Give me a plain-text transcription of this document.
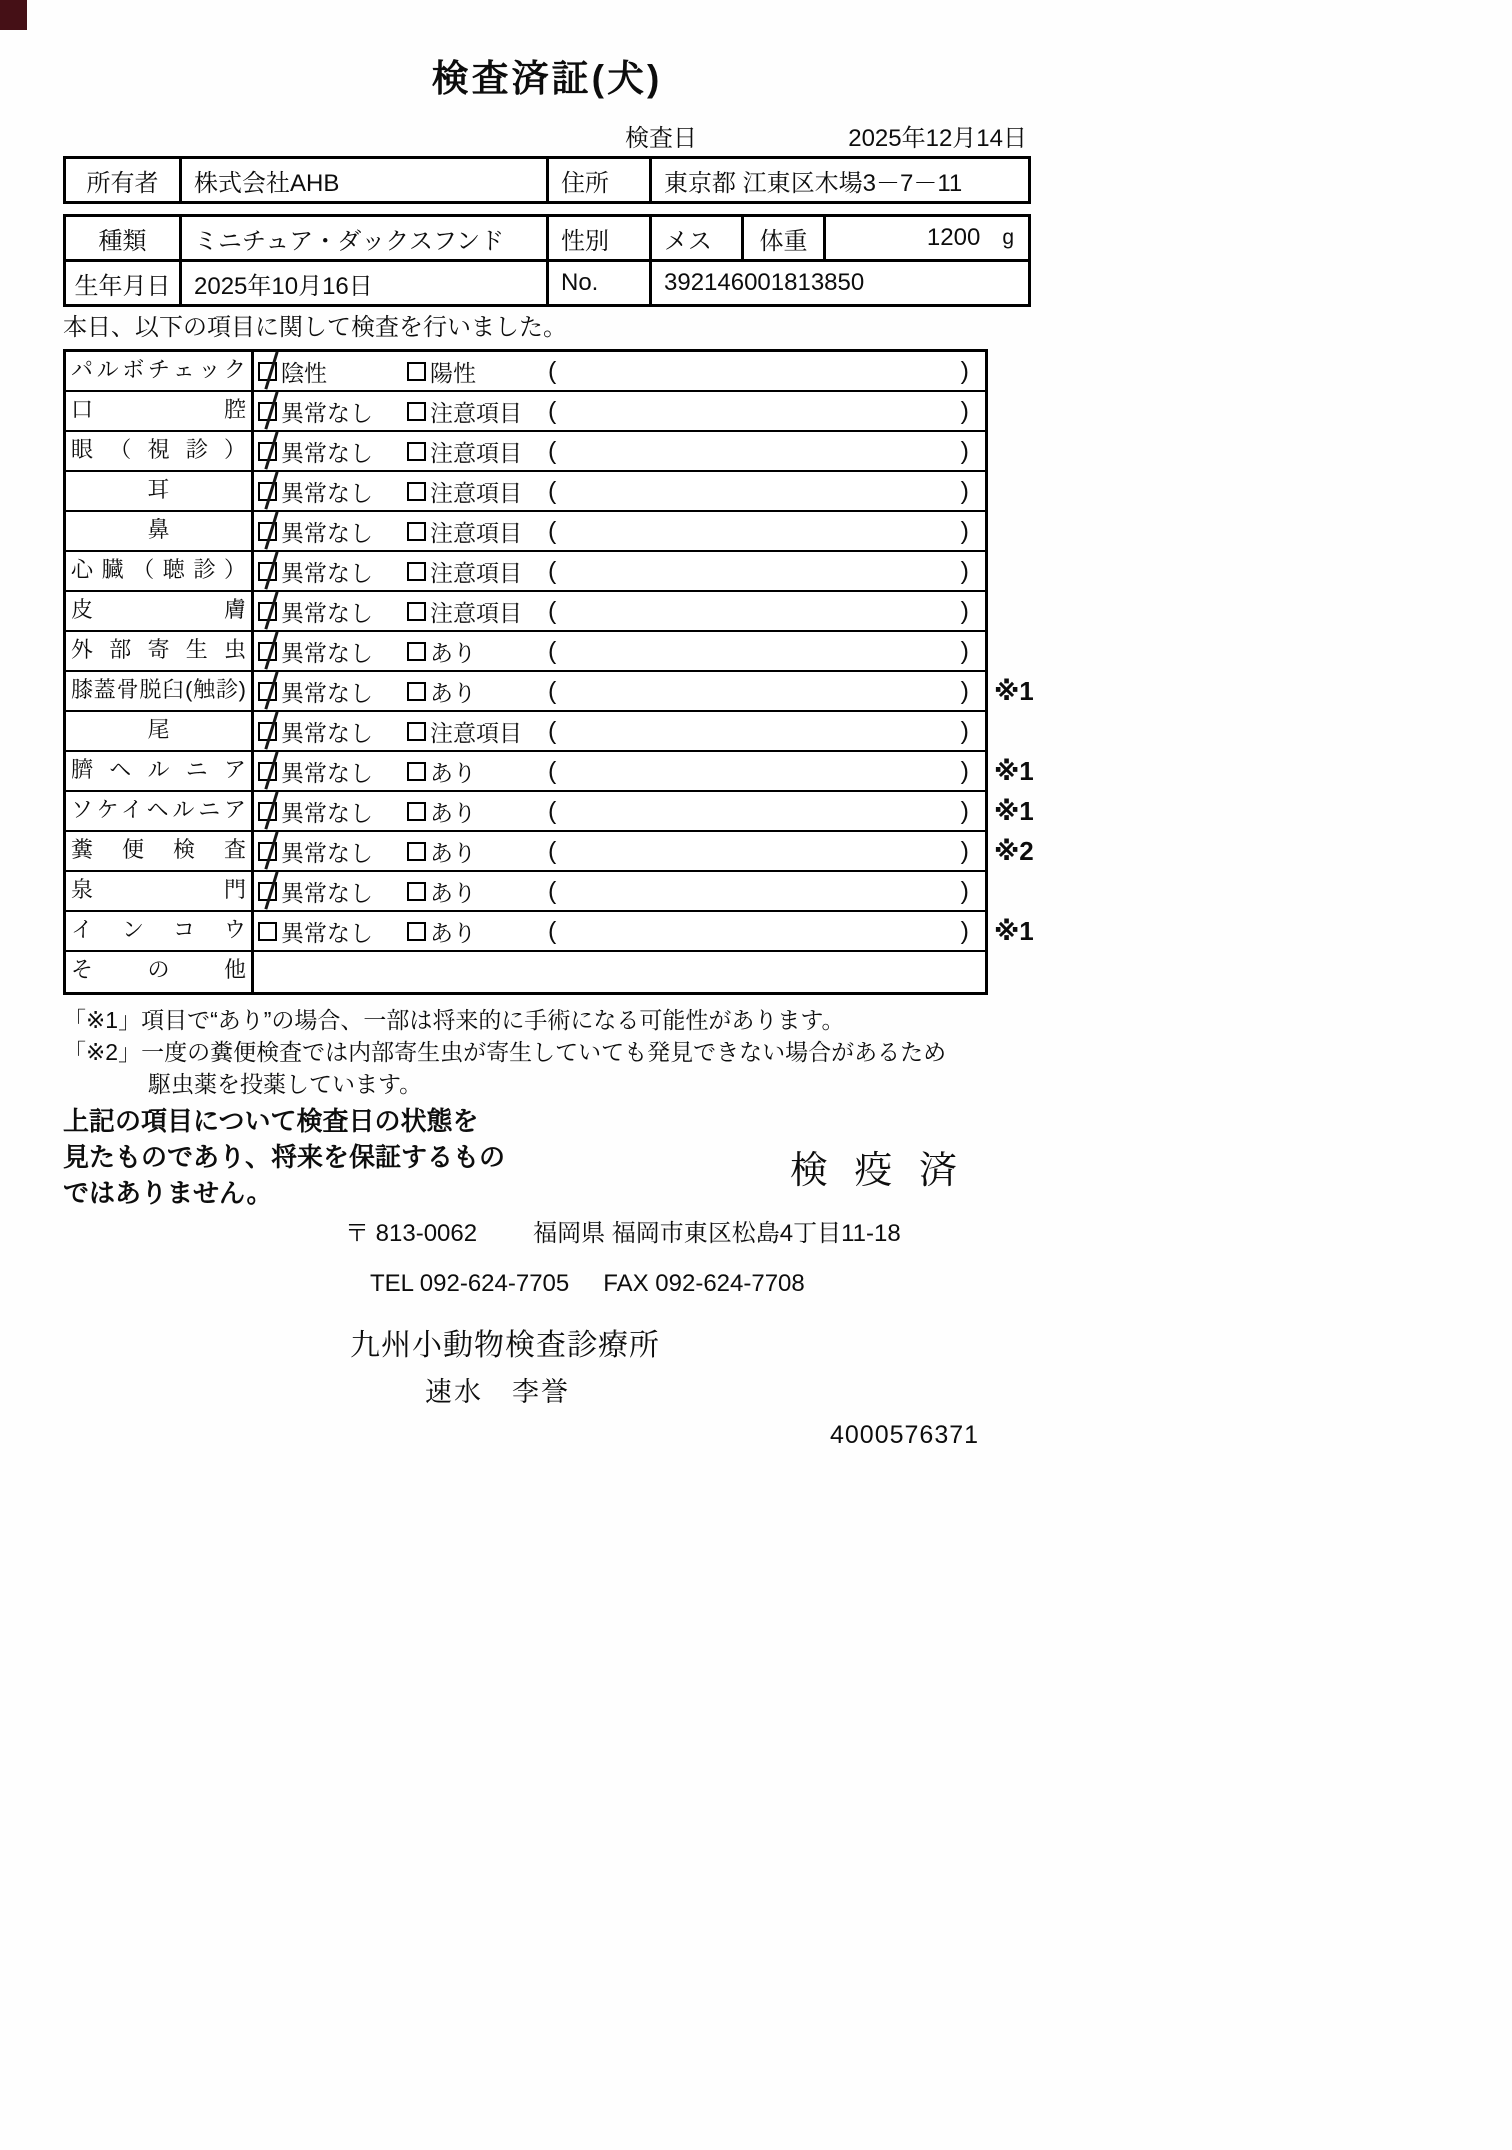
検査済証(犬)
検査日	2025年12月14日
所有者	株式会社AHB	住所	東京都 江東区木場3－7－11
種類	ミニチュア・ダックスフンド	性別	メス	体重	1200 g
生年月日 2025年10月16日	No.	392146001813850

本日、以下の項目に関して検査を行いました。

パルボチェック	陰性	陽性	(	)
口腔	異常なし	注意項目	(	)
眼（視診）	異常なし	注意項目	(	)
耳	異常なし	注意項目	(	)
鼻	異常なし	注意項目	(	)
心臓（聴診）	異常なし	注意項目	(	)
皮膚	異常なし	注意項目	(	)
外部寄生虫	異常なし	あり	(	)
膝蓋骨脱臼(触診)	異常なし	あり	(	) ※1
尾	異常なし	注意項目	(	)
臍ヘルニア	異常なし	あり	(	) ※1
ソケイヘルニア	異常なし	あり	(	) ※1
糞便検査	異常なし	あり	(	) ※2
泉門	異常なし	あり	(	)
インコウ	異常なし	あり	(	) ※1
その他

「※1」項目で“あり”の場合、一部は将来的に手術になる可能性があります。

「※2」一度の糞便検査では内部寄生虫が寄生していても発見できない場合があるため

駆虫薬を投薬しています。

上記の項目について検査日の状態を

見たものであり、将来を保証するもの

ではありません。

検 疫 済
〒 813-0062 福岡県 福岡市東区松島4丁目11-18
TEL 092-624-7705 FAX 092-624-7708
九州小動物検査診療所
速水　李誉
4000576371
